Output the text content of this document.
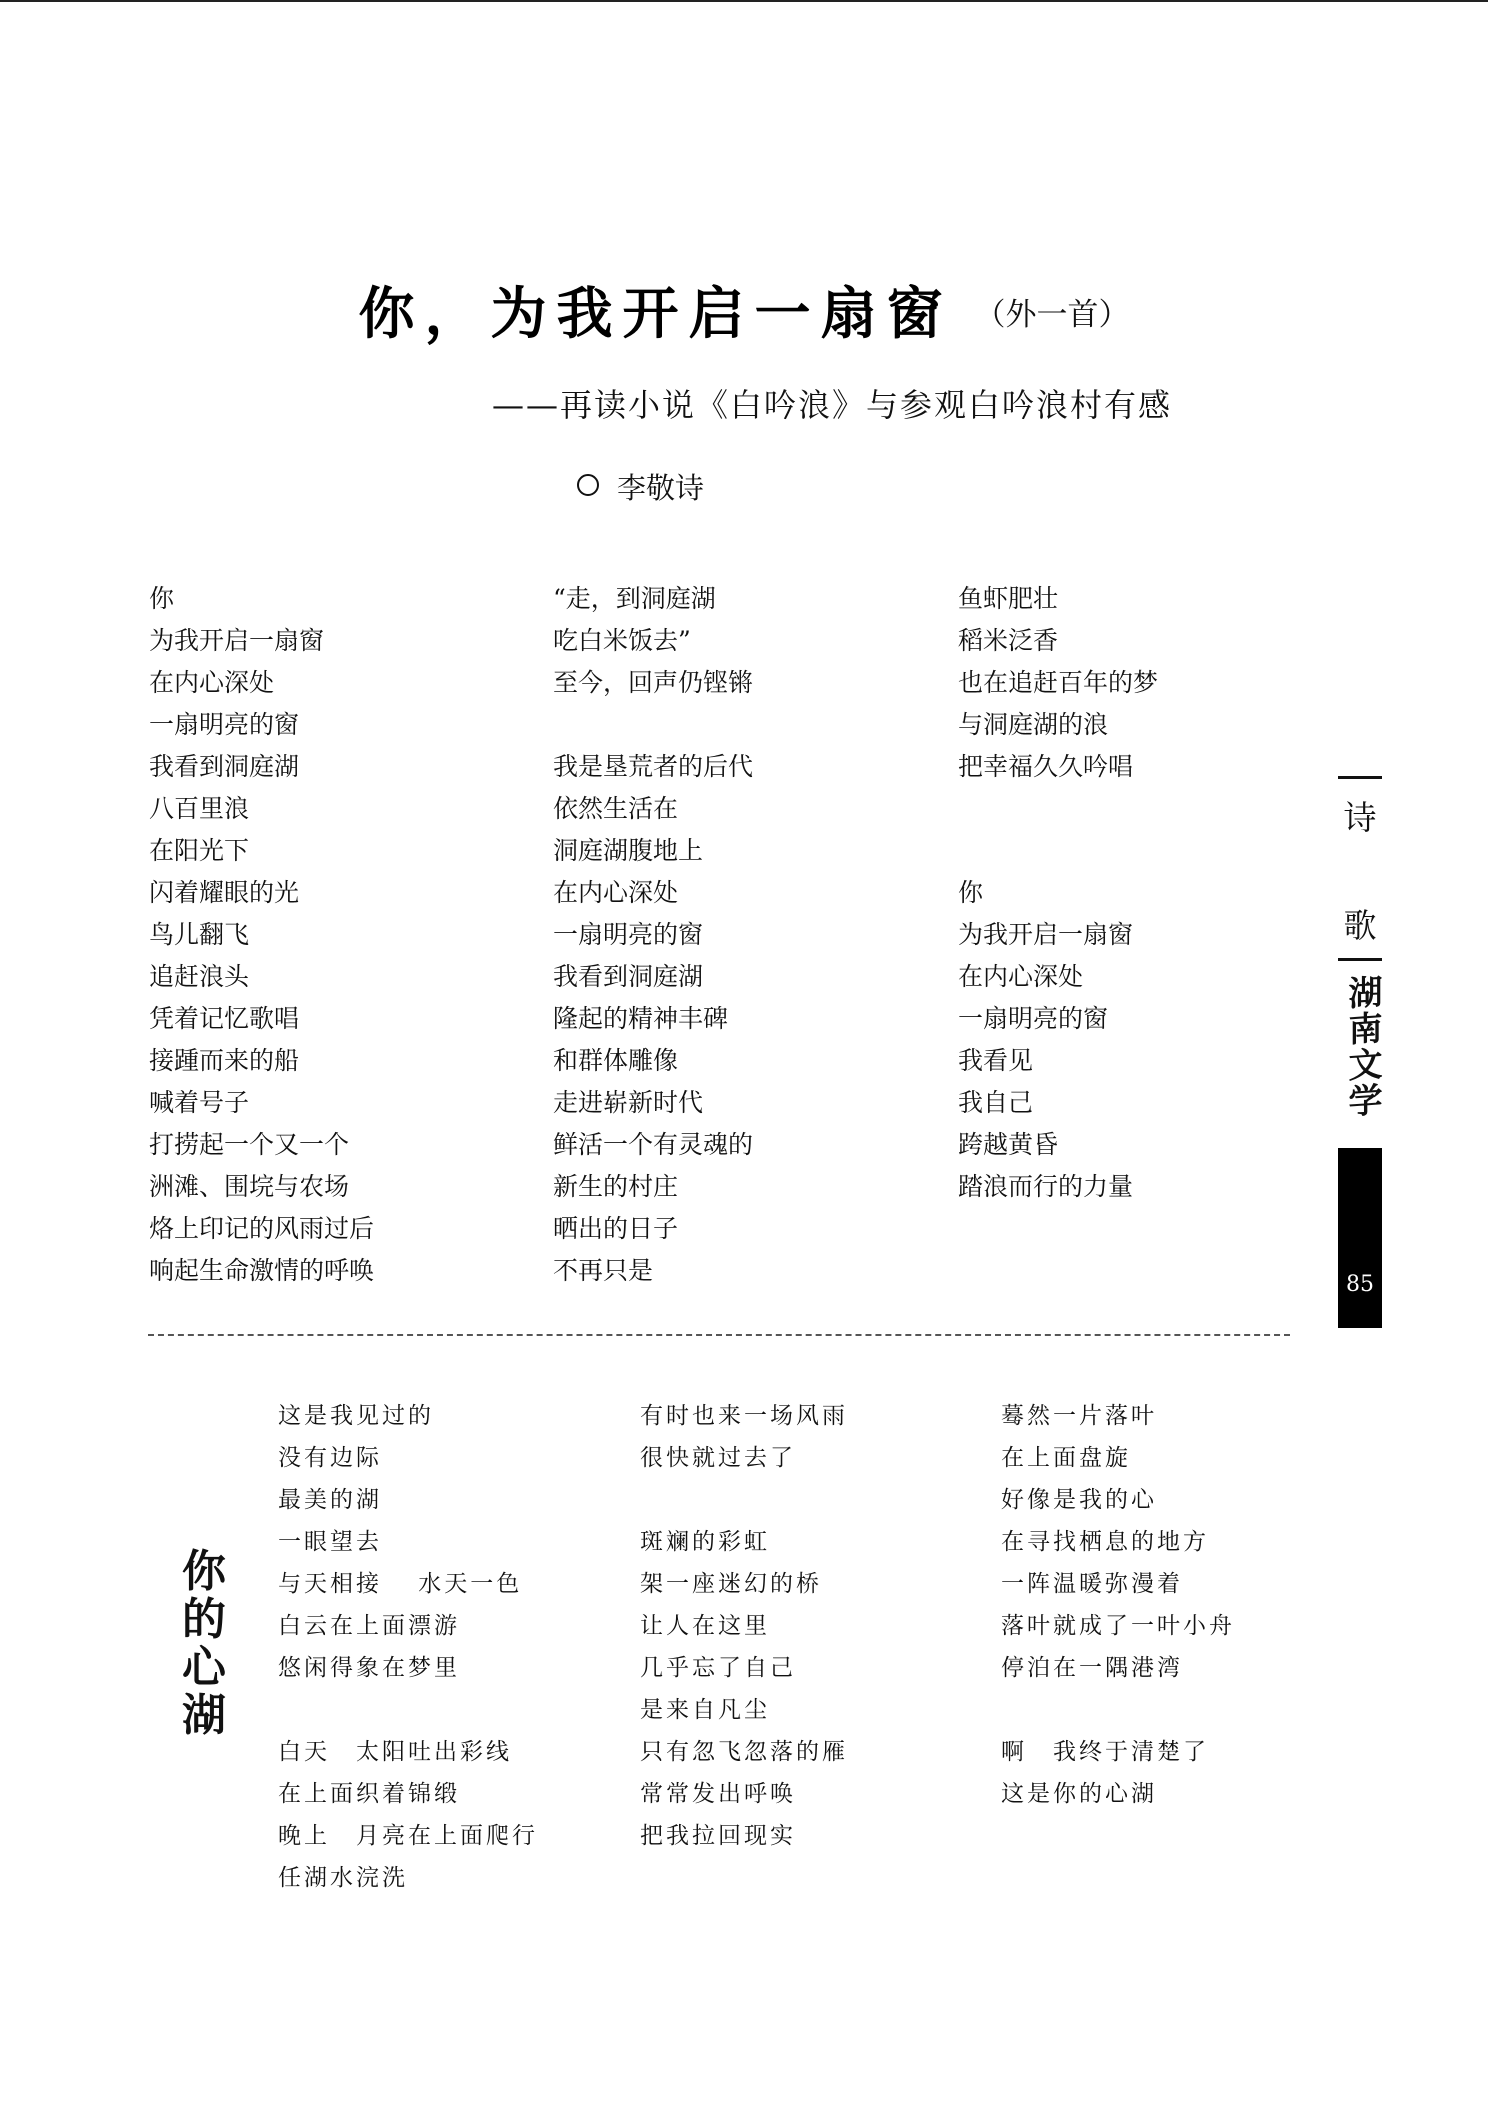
你，为我开启一扇窗 （外一首）
——再读小说《白吟浪》与参观白吟浪村有感
李敬诗
你
为我开启一扇窗
在内心深处
一扇明亮的窗
我看到洞庭湖
八百里浪
在阳光下
闪着耀眼的光
鸟儿翻飞
追赶浪头
凭着记忆歌唱
接踵而来的船
喊着号子
打捞起一个又一个
洲滩、围垸与农场
烙上印记的风雨过后
响起生命激情的呼唤
“走，到洞庭湖
吃白米饭去”
至今，回声仍铿锵
我是垦荒者的后代
依然生活在
洞庭湖腹地上
在内心深处
一扇明亮的窗
我看到洞庭湖
隆起的精神丰碑
和群体雕像
走进崭新时代
鲜活一个有灵魂的
新生的村庄
晒出的日子
不再只是
鱼虾肥壮
稻米泛香
也在追赶百年的梦
与洞庭湖的浪
把幸福久久吟唱
你
为我开启一扇窗
在内心深处
一扇明亮的窗
我看见
我自己
跨越黄昏
踏浪而行的力量
诗
歌
湖南文学
85
你
的
心
湖
这是我见过的
没有边际
最美的湖
一眼望去
与天相接　 水天一色
白云在上面漂游
悠闲得象在梦里
白天　太阳吐出彩线
在上面织着锦缎
晚上　月亮在上面爬行
任湖水浣洗
有时也来一场风雨
很快就过去了
斑斓的彩虹
架一座迷幻的桥
让人在这里
几乎忘了自己
是来自凡尘
只有忽飞忽落的雁
常常发出呼唤
把我拉回现实
蓦然一片落叶
在上面盘旋
好像是我的心
在寻找栖息的地方
一阵温暖弥漫着
落叶就成了一叶小舟
停泊在一隅港湾
啊　我终于清楚了
这是你的心湖
